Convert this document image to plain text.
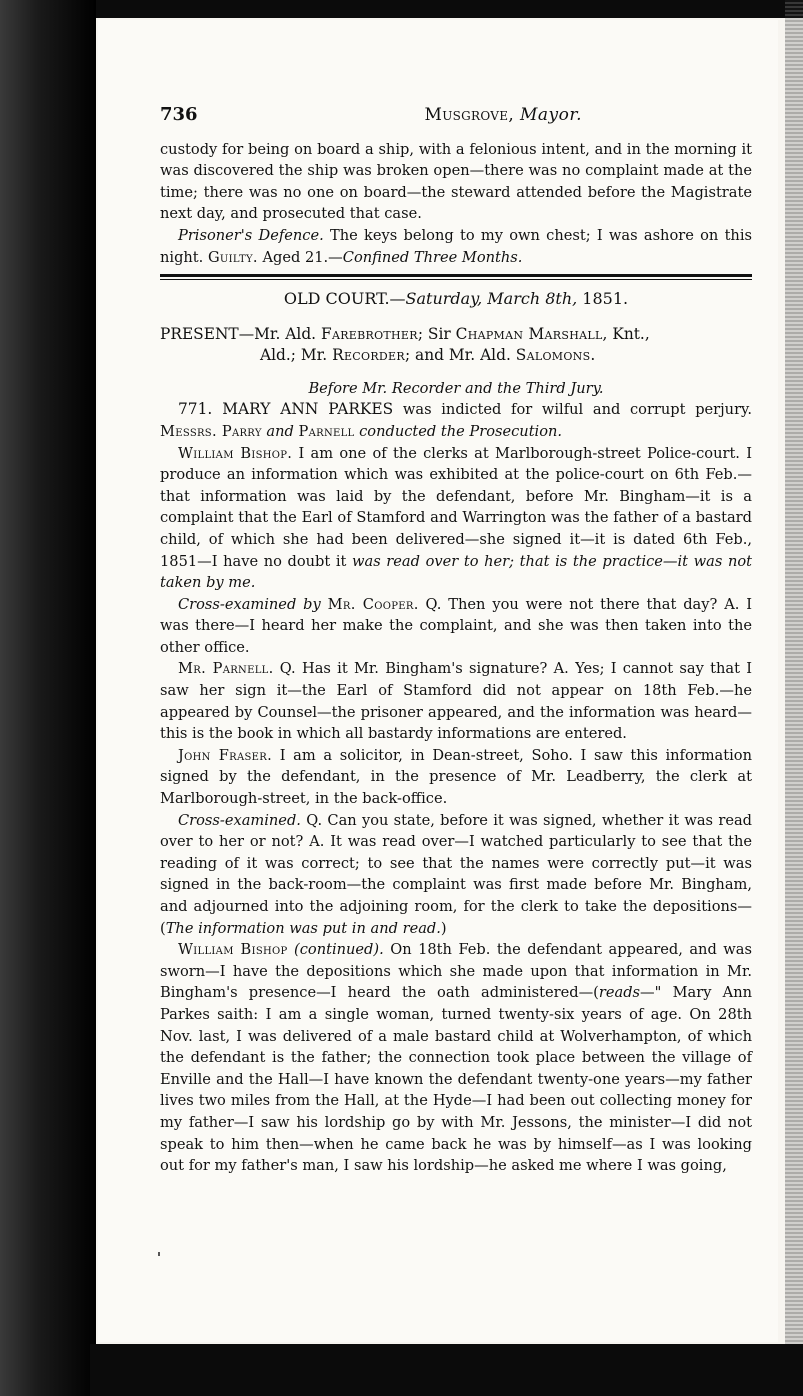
736	Musgrove, Mayor.

custody for being on board a ship, with a felonious intent, and in the morning it was discovered the ship was broken open—there was no complaint made at the time; there was no one on board—the steward attended before the Magistrate next day, and prosecuted that case.

Prisoner's Defence. The keys belong to my own chest; I was ashore on this night. Guilty. Aged 21.—Confined Three Months.

OLD COURT.—Saturday, March 8th, 1851.
PRESENT—Mr. Ald. Farebrother; Sir Chapman Marshall, Knt.,
Ald.; Mr. Recorder; and Mr. Ald. Salomons.

Before Mr. Recorder and the Third Jury.

771. MARY ANN PARKES was indicted for wilful and corrupt perjury. Messrs. Parry and Parnell conducted the Prosecution.

William Bishop. I am one of the clerks at Marlborough-street Police-court. I produce an information which was exhibited at the police-court on 6th Feb.—that information was laid by the defendant, before Mr. Bingham—it is a complaint that the Earl of Stamford and Warrington was the father of a bastard child, of which she had been delivered—she signed it—it is dated 6th Feb., 1851—I have no doubt it was read over to her; that is the practice—it was not taken by me.

Cross-examined by Mr. Cooper. Q. Then you were not there that day? A. I was there—I heard her make the complaint, and she was then taken into the other office.

Mr. Parnell. Q. Has it Mr. Bingham's signature? A. Yes; I cannot say that I saw her sign it—the Earl of Stamford did not appear on 18th Feb.—he appeared by Counsel—the prisoner appeared, and the information was heard—this is the book in which all bastardy informations are entered.

John Fraser. I am a solicitor, in Dean-street, Soho. I saw this information signed by the defendant, in the presence of Mr. Leadberry, the clerk at Marlborough-street, in the back-office.

Cross-examined. Q. Can you state, before it was signed, whether it was read over to her or not? A. It was read over—I watched particularly to see that the reading of it was correct; to see that the names were correctly put—it was signed in the back-room—the complaint was first made before Mr. Bingham, and adjourned into the adjoining room, for the clerk to take the depositions—(The information was put in and read.)

William Bishop (continued). On 18th Feb. the defendant appeared, and was sworn—I have the depositions which she made upon that information in Mr. Bingham's presence—I heard the oath administered—(reads—" Mary Ann Parkes saith: I am a single woman, turned twenty-six years of age. On 28th Nov. last, I was delivered of a male bastard child at Wolverhampton, of which the defendant is the father; the connection took place between the village of Enville and the Hall—I have known the defendant twenty-one years—my father lives two miles from the Hall, at the Hyde—I had been out collecting money for my father—I saw his lordship go by with Mr. Jessons, the minister—I did not speak to him then—when he came back he was by himself—as I was looking out for my father's man, I saw his lordship—he asked me where I was going,
